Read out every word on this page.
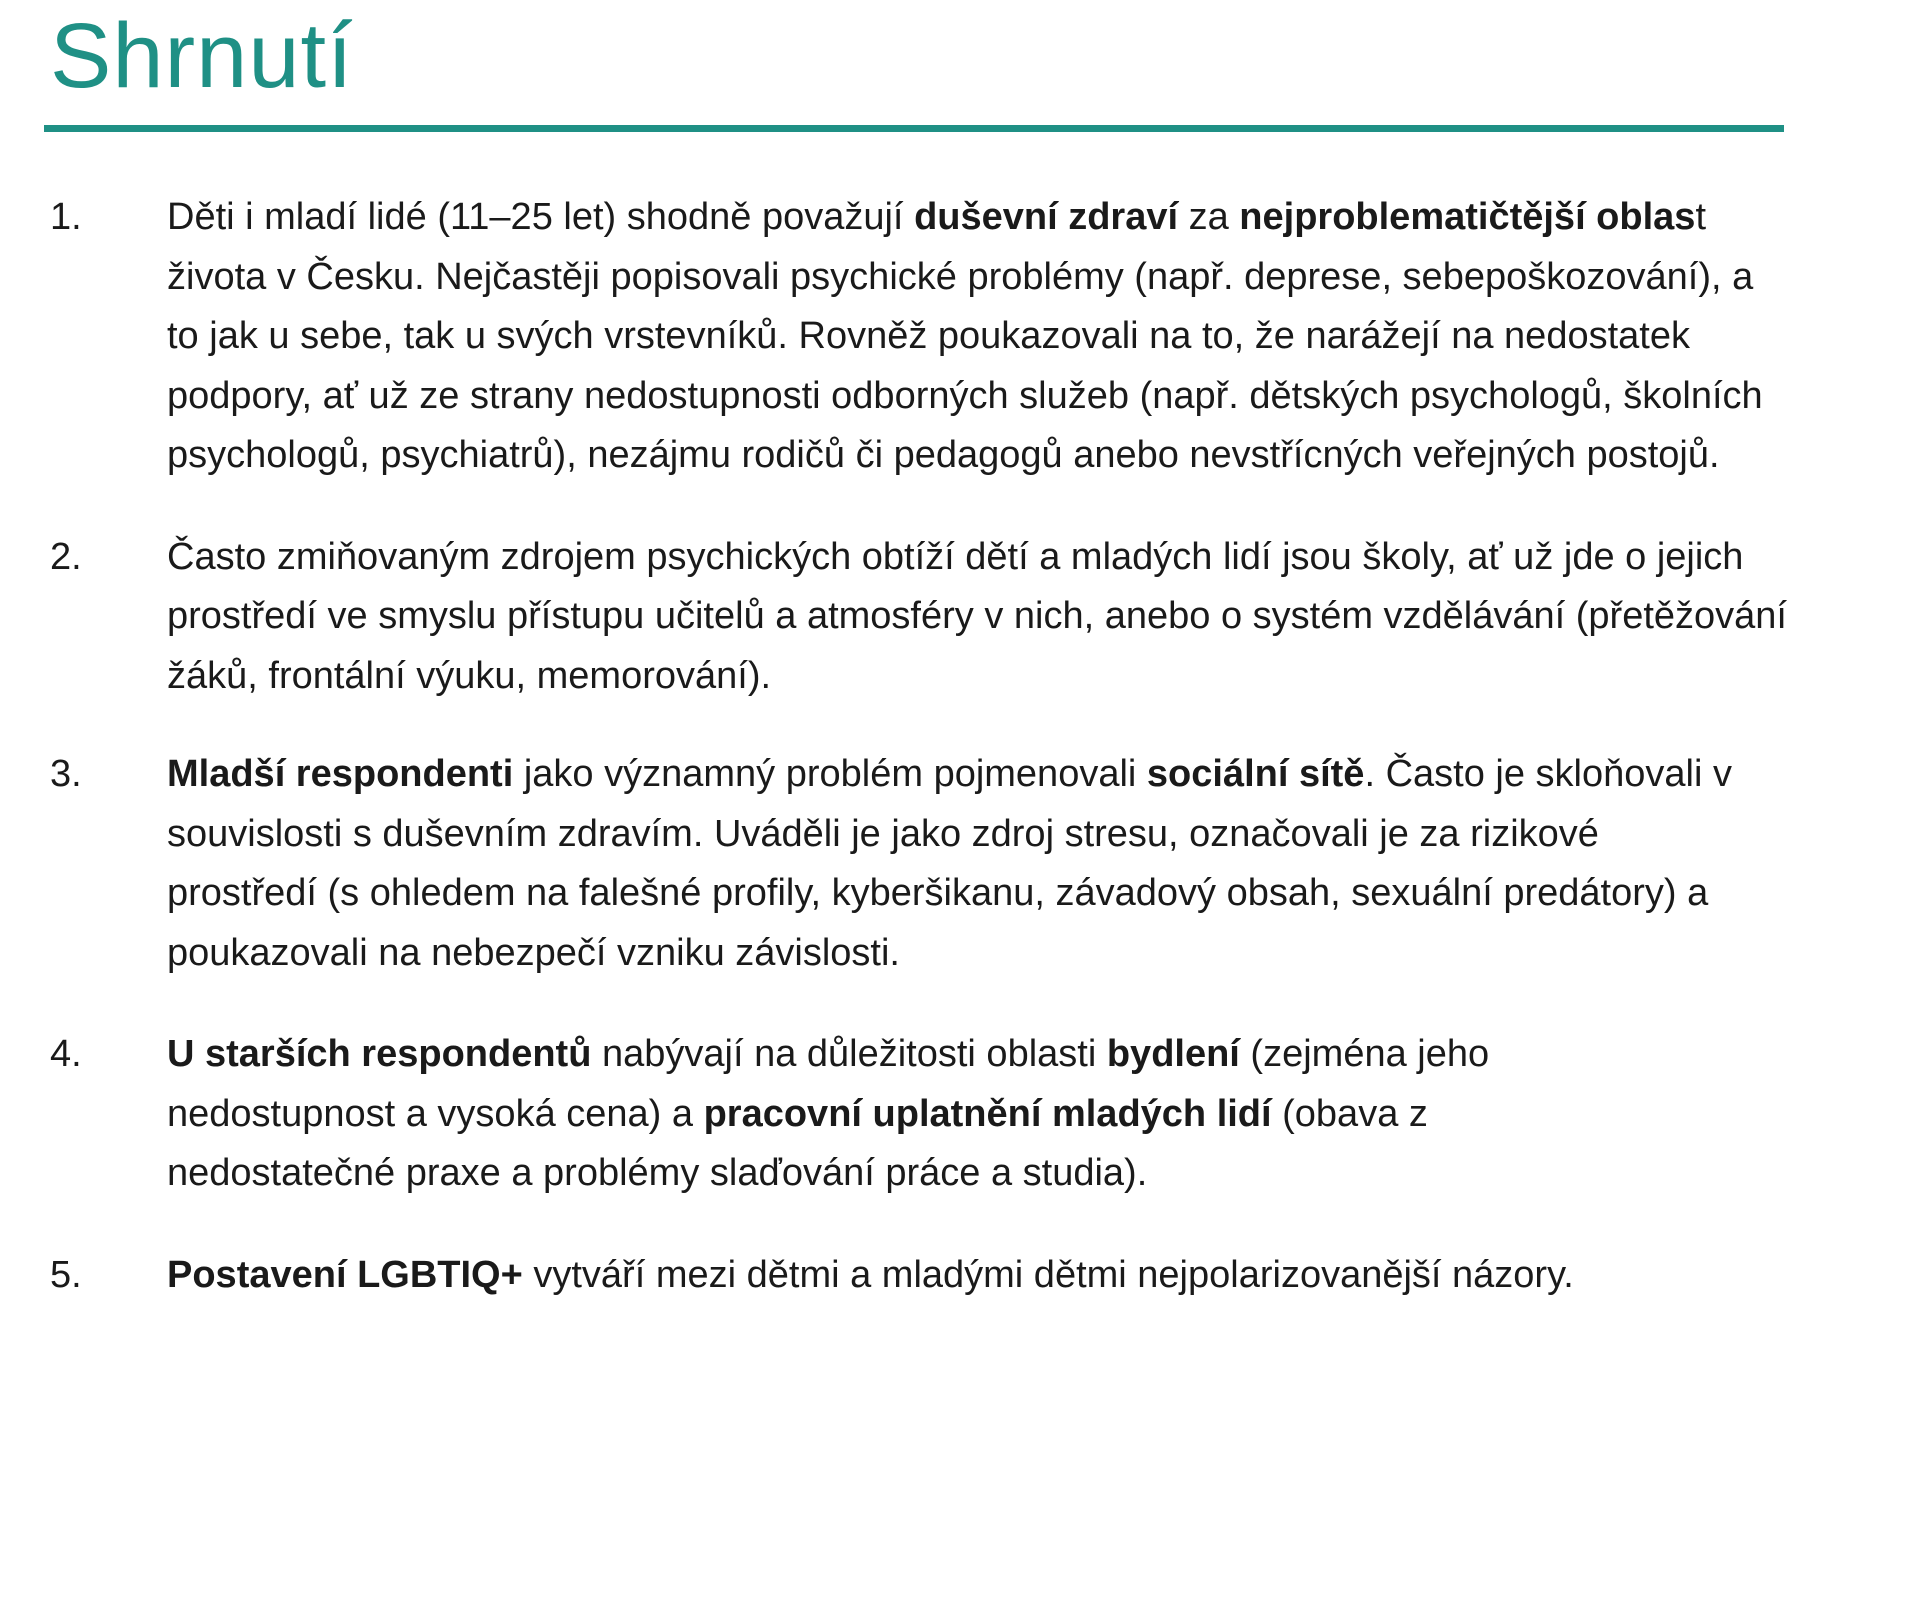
Shrnutí
1. Děti i mladí lidé (11–25 let) shodně považují duševní zdraví za nejproblematičtější oblast života v Česku. Nejčastěji popisovali psychické problémy (např. deprese, sebepoškozování), a to jak u sebe, tak u svých vrstevníků. Rovněž poukazovali na to, že narážejí na nedostatek podpory, ať už ze strany nedostupnosti odborných služeb (např. dětských psychologů, školních psychologů, psychiatrů), nezájmu rodičů či pedagogů anebo nevstřícných veřejných postojů.

2. Často zmiňovaným zdrojem psychických obtíží dětí a mladých lidí jsou školy, ať už jde o jejich prostředí ve smyslu přístupu učitelů a atmosféry v nich, anebo o systém vzdělávání (přetěžování žáků, frontální výuku, memorování).

3. Mladší respondenti jako významný problém pojmenovali sociální sítě. Často je skloňovali v souvislosti s duševním zdravím. Uváděli je jako zdroj stresu, označovali je za rizikové prostředí (s ohledem na falešné profily, kyberšikanu, závadový obsah, sexuální predátory) a poukazovali na nebezpečí vzniku závislosti.

4. U starších respondentů nabývají na důležitosti oblasti bydlení (zejména jeho nedostupnost a vysoká cena) a pracovní uplatnění mladých lidí (obava z nedostatečné praxe a problémy slaďování práce a studia).

5. Postavení LGBTIQ+ vytváří mezi dětmi a mladými dětmi nejpolarizovanější názory.
